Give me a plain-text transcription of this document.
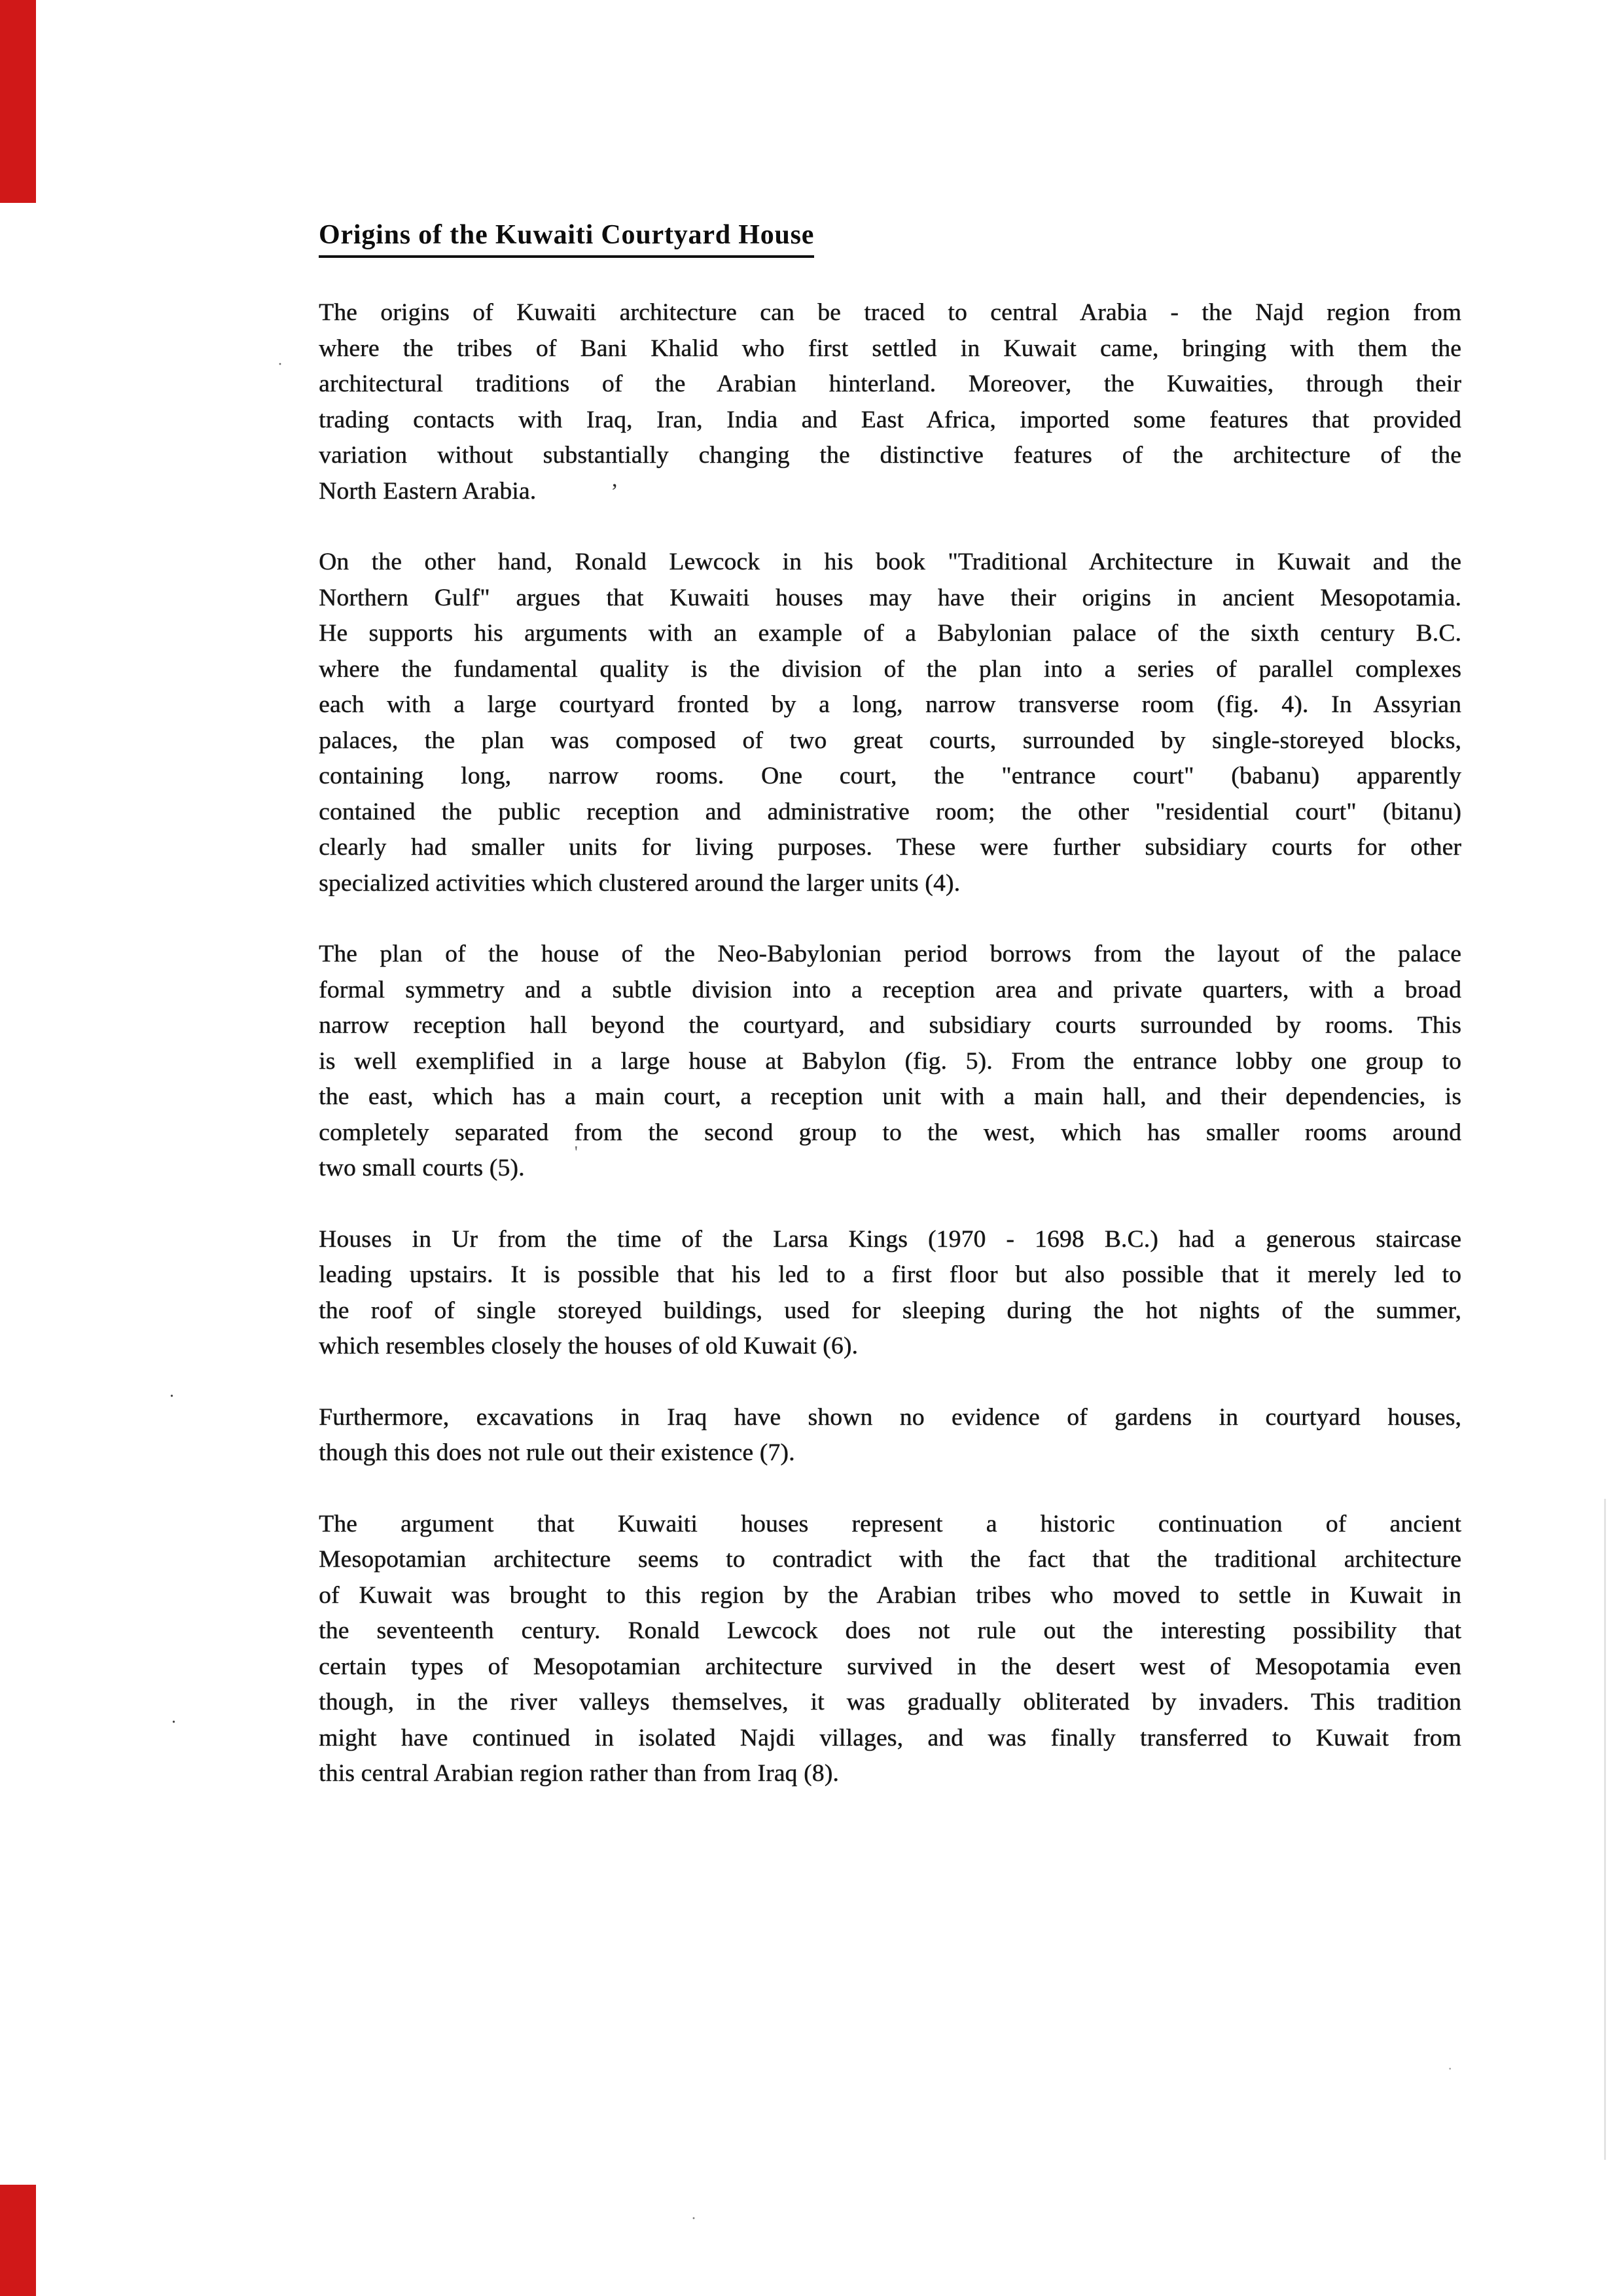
Origins of the Kuwaiti Courtyard House
The origins of Kuwaiti architecture can be traced to central Arabia - the Najd region from
where the tribes of Bani Khalid who first settled in Kuwait came, bringing with them the
architectural traditions of the Arabian hinterland. Moreover, the Kuwaities, through their
trading contacts with Iraq, Iran, India and East Africa, imported some features that provided
variation without substantially changing the distinctive features of the architecture of the
North Eastern Arabia.
On the other hand, Ronald Lewcock in his book "Traditional Architecture in Kuwait and the
Northern Gulf" argues that Kuwaiti houses may have their origins in ancient Mesopotamia.
He supports his arguments with an example of a Babylonian palace of the sixth century B.C.
where the fundamental quality is the division of the plan into a series of parallel complexes
each with a large courtyard fronted by a long, narrow transverse room (fig. 4). In Assyrian
palaces, the plan was composed of two great courts, surrounded by single-storeyed blocks,
containing long, narrow rooms. One court, the "entrance court" (babanu) apparently
contained the public reception and administrative room; the other "residential court" (bitanu)
clearly had smaller units for living purposes. These were further subsidiary courts for other
specialized activities which clustered around the larger units (4).
The plan of the house of the Neo-Babylonian period borrows from the layout of the palace
formal symmetry and a subtle division into a reception area and private quarters, with a broad
narrow reception hall beyond the courtyard, and subsidiary courts surrounded by rooms. This
is well exemplified in a large house at Babylon (fig. 5). From the entrance lobby one group to
the east, which has a main court, a reception unit with a main hall, and their dependencies, is
completely separated from the second group to the west, which has smaller rooms around
two small courts (5).
Houses in Ur from the time of the Larsa Kings (1970 - 1698 B.C.) had a generous staircase
leading upstairs. It is possible that his led to a first floor but also possible that it merely led to
the roof of single storeyed buildings, used for sleeping during the hot nights of the summer,
which resembles closely the houses of old Kuwait (6).
Furthermore, excavations in Iraq have shown no evidence of gardens in courtyard houses,
though this does not rule out their existence (7).
The argument that Kuwaiti houses represent a historic continuation of ancient
Mesopotamian architecture seems to contradict with the fact that the traditional architecture
of Kuwait was brought to this region by the Arabian tribes who moved to settle in Kuwait in
the seventeenth century. Ronald Lewcock does not rule out the interesting possibility that
certain types of Mesopotamian architecture survived in the desert west of Mesopotamia even
though, in the river valleys themselves, it was gradually obliterated by invaders. This tradition
might have continued in isolated Najdi villages, and was finally transferred to Kuwait from
this central Arabian region rather than from Iraq (8).
,
'
·
.
.
·
·
